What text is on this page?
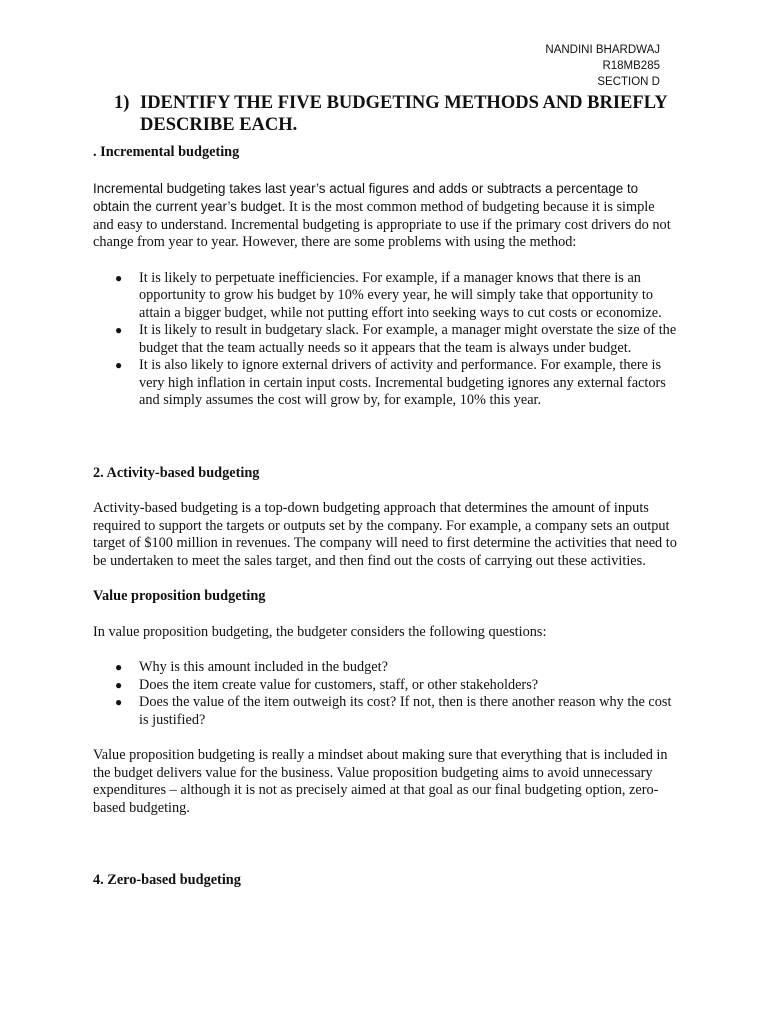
NANDINI BHARDWAJ
R18MB285
SECTION D
1) IDENTIFY THE FIVE BUDGETING METHODS AND BRIEFLY DESCRIBE EACH.
. Incremental budgeting

Incremental budgeting takes last year’s actual figures and adds or subtracts a percentage to obtain the current year’s budget. It is the most common method of budgeting because it is simple and easy to understand. Incremental budgeting is appropriate to use if the primary cost drivers do not change from year to year. However, there are some problems with using the method:

● It is likely to perpetuate inefficiencies. For example, if a manager knows that there is an opportunity to grow his budget by 10% every year, he will simply take that opportunity to attain a bigger budget, while not putting effort into seeking ways to cut costs or economize.
● It is likely to result in budgetary slack. For example, a manager might overstate the size of the budget that the team actually needs so it appears that the team is always under budget.
● It is also likely to ignore external drivers of activity and performance. For example, there is very high inflation in certain input costs. Incremental budgeting ignores any external factors and simply assumes the cost will grow by, for example, 10% this year.
2. Activity-based budgeting

Activity-based budgeting is a top-down budgeting approach that determines the amount of inputs required to support the targets or outputs set by the company. For example, a company sets an output target of $100 million in revenues. The company will need to first determine the activities that need to be undertaken to meet the sales target, and then find out the costs of carrying out these activities.

Value proposition budgeting

In value proposition budgeting, the budgeter considers the following questions:

● Why is this amount included in the budget?
● Does the item create value for customers, staff, or other stakeholders?
● Does the value of the item outweigh its cost? If not, then is there another reason why the cost is justified?

Value proposition budgeting is really a mindset about making sure that everything that is included in the budget delivers value for the business. Value proposition budgeting aims to avoid unnecessary expenditures – although it is not as precisely aimed at that goal as our final budgeting option, zero-based budgeting.

4. Zero-based budgeting
